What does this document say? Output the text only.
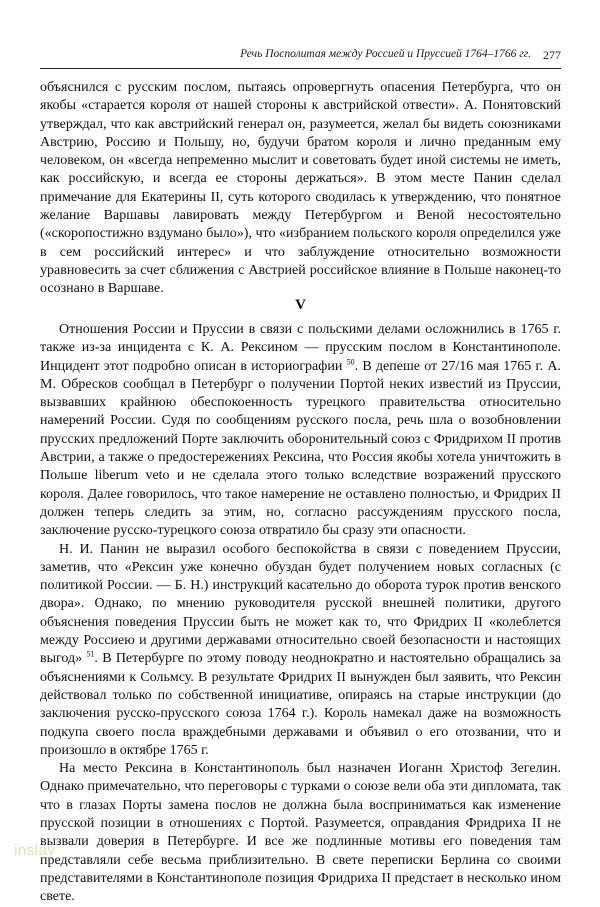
Речь Посполитая между Россией и Пруссией 1764–1766 гг. 277

объяснился с русским послом, пытаясь опровергнуть опасения Петербурга, что он якобы «старается короля от нашей стороны к австрийской отвести». А. Понятовский утверждал, что как австрийский генерал он, разумеется, желал бы видеть союзниками Австрию, Россию и Польшу, но, будучи братом короля и лично преданным ему человеком, он «всегда непременно мыслит и советовать будет иной системы не иметь, как российскую, и всегда ее стороны держаться». В этом месте Панин сделал примечание для Екатерины II, суть которого сводилась к утверждению, что понятное желание Варшавы лавировать между Петербургом и Веной несостоятельно («скоропостижно вздумано было»), что «избранием польского короля определился уже в сем российский интерес» и что заблуждение относительно возможности уравновесить за счет сближения с Австрией российское влияние в Польше наконец-то осознано в Варшаве.

V

Отношения России и Пруссии в связи с польскими делами осложнились в 1765 г. также из-за инцидента с К. А. Рексином — прусским послом в Константинополе. Инцидент этот подробно описан в историографии $^{50}$. В депеше от 27/16 мая 1765 г. А. М. Обресков сообщал в Петербург о получении Портой неких известий из Пруссии, вызвавших крайнюю обеспокоенность турецкого правительства относительно намерений России. Судя по сообщениям русского посла, речь шла о возобновлении прусских предложений Порте заключить оборонительный союз с Фридрихом II против Австрии, а также о предостережениях Рексина, что Россия якобы хотела уничтожить в Польше liberum veto и не сделала этого только вследствие возражений прусского короля. Далее говорилось, что такое намерение не оставлено полностью, и Фридрих II должен теперь следить за этим, но, согласно рассуждениям прусского посла, заключение русско-турецкого союза отвратило бы сразу эти опасности.

Н. И. Панин не выразил особого беспокойства в связи с поведением Пруссии, заметив, что «Рексин уже конечно обуздан будет получением новых согласных (с политикой России. — Б. Н.) инструкций касательно до оборота турок против венского двора». Однако, по мнению руководителя русской внешней политики, другого объяснения поведения Пруссии быть не может как то, что Фридрих II «колеблется между Россиею и другими державами относительно своей безопасности и настоящих выгод» $^{51}$. В Петербурге по этому поводу неоднократно и настоятельно обращались за объяснениями к Сольмсу. В результате Фридрих II вынужден был заявить, что Рексин действовал только по собственной инициативе, опираясь на старые инструкции (до заключения русско-прусского союза 1764 г.). Король намекал даже на возможность подкупа своего посла враждебными державами и объявил о его отозвании, что и произошло в октябре 1765 г.

На место Рексина в Константинополь был назначен Иоганн Христоф Зегелин. Однако примечательно, что переговоры с турками о союзе вели оба эти дипломата, так что в глазах Порты замена послов не должна была восприниматься как изменение прусской позиции в отношениях с Портой. Разумеется, оправдания Фридриха II не вызвали доверия в Петербурге. И все же подлинные мотивы его поведения там представляли себе весьма приблизительно. В свете переписки Берлина со своими представителями в Константинополе позиция Фридриха II предстает в несколько ином свете.

inslav
